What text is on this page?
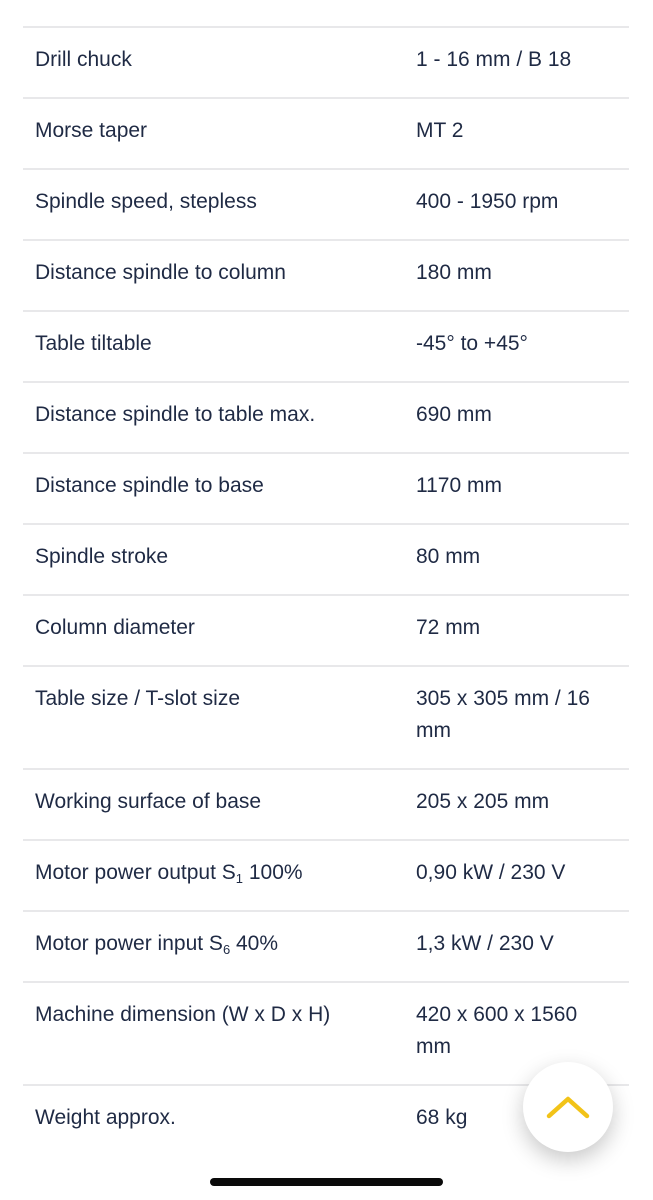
Drill chuck	1 - 16 mm / B 18
Morse taper	MT 2
Spindle speed, stepless	400 - 1950 rpm
Distance spindle to column	180 mm
Table tiltable	-45° to +45°
Distance spindle to table max.	690 mm
Distance spindle to base	1170 mm
Spindle stroke	80 mm
Column diameter	72 mm
Table size / T-slot size	305 x 305 mm / 16 mm
Working surface of base	205 x 205 mm
Motor power output $S_1$ 100%	0,90 kW / 230 V
Motor power input $S_6$ 40%	1,3 kW / 230 V
Machine dimension (W x D x H)	420 x 600 x 1560 mm
Weight approx.	68 kg
